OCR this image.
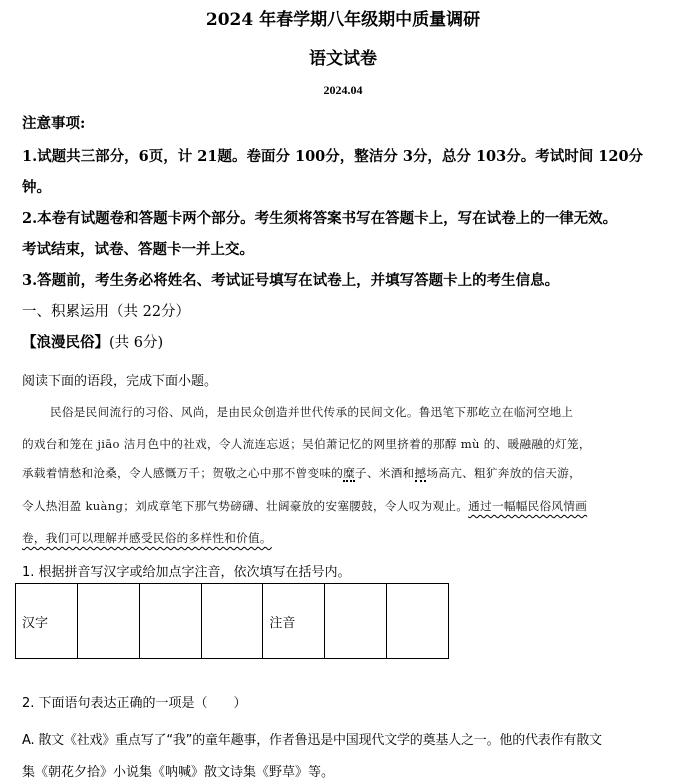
2024 年春学期八年级期中质量调研
语文试卷
2024.04
注意事项:
1.试题共三部分，6页，计 21题。卷面分 100分，整洁分 3分，总分 103分。考试时间 120分
钟。
2.本卷有试题卷和答题卡两个部分。考生须将答案书写在答题卡上，写在试卷上的一律无效。
考试结束，试卷、答题卡一并上交。
3.答题前，考生务必将姓名、考试证号填写在试卷上，并填写答题卡上的考生信息。
一、积累运用（共 22分）
【浪漫民俗】(共 6分)
阅读下面的语段，完成下面小题。
民俗是民间流行的习俗、风尚，是由民众创造并世代传承的民间文化。鲁迅笔下那屹立在临河空地上
的戏台和笼在 jiāo 洁月色中的社戏，令人流连忘返；吴伯萧记忆的网里挤着的那醇 mù 的、暖融融的灯笼，
承载着情愁和沧桑，令人感慨万千；贺敬之心中那不曾变味的糜子、米酒和撼场高亢、粗犷奔放的信天游，
令人热泪盈 kuàng；刘成章笔下那气势磅礴、壮阔豪放的安塞腰鼓，令人叹为观止。通过一幅幅民俗风情画
卷，我们可以理解并感受民俗的多样性和价值。
1. 根据拼音写汉字或给加点字注音，依次填写在括号内。
汉字				注音		
2. 下面语句表达正确的一项是（　　）
A. 散文《社戏》重点写了“我”的童年趣事，作者鲁迅是中国现代文学的奠基人之一。他的代表作有散文
集《朝花夕拾》小说集《呐喊》散文诗集《野草》等。
